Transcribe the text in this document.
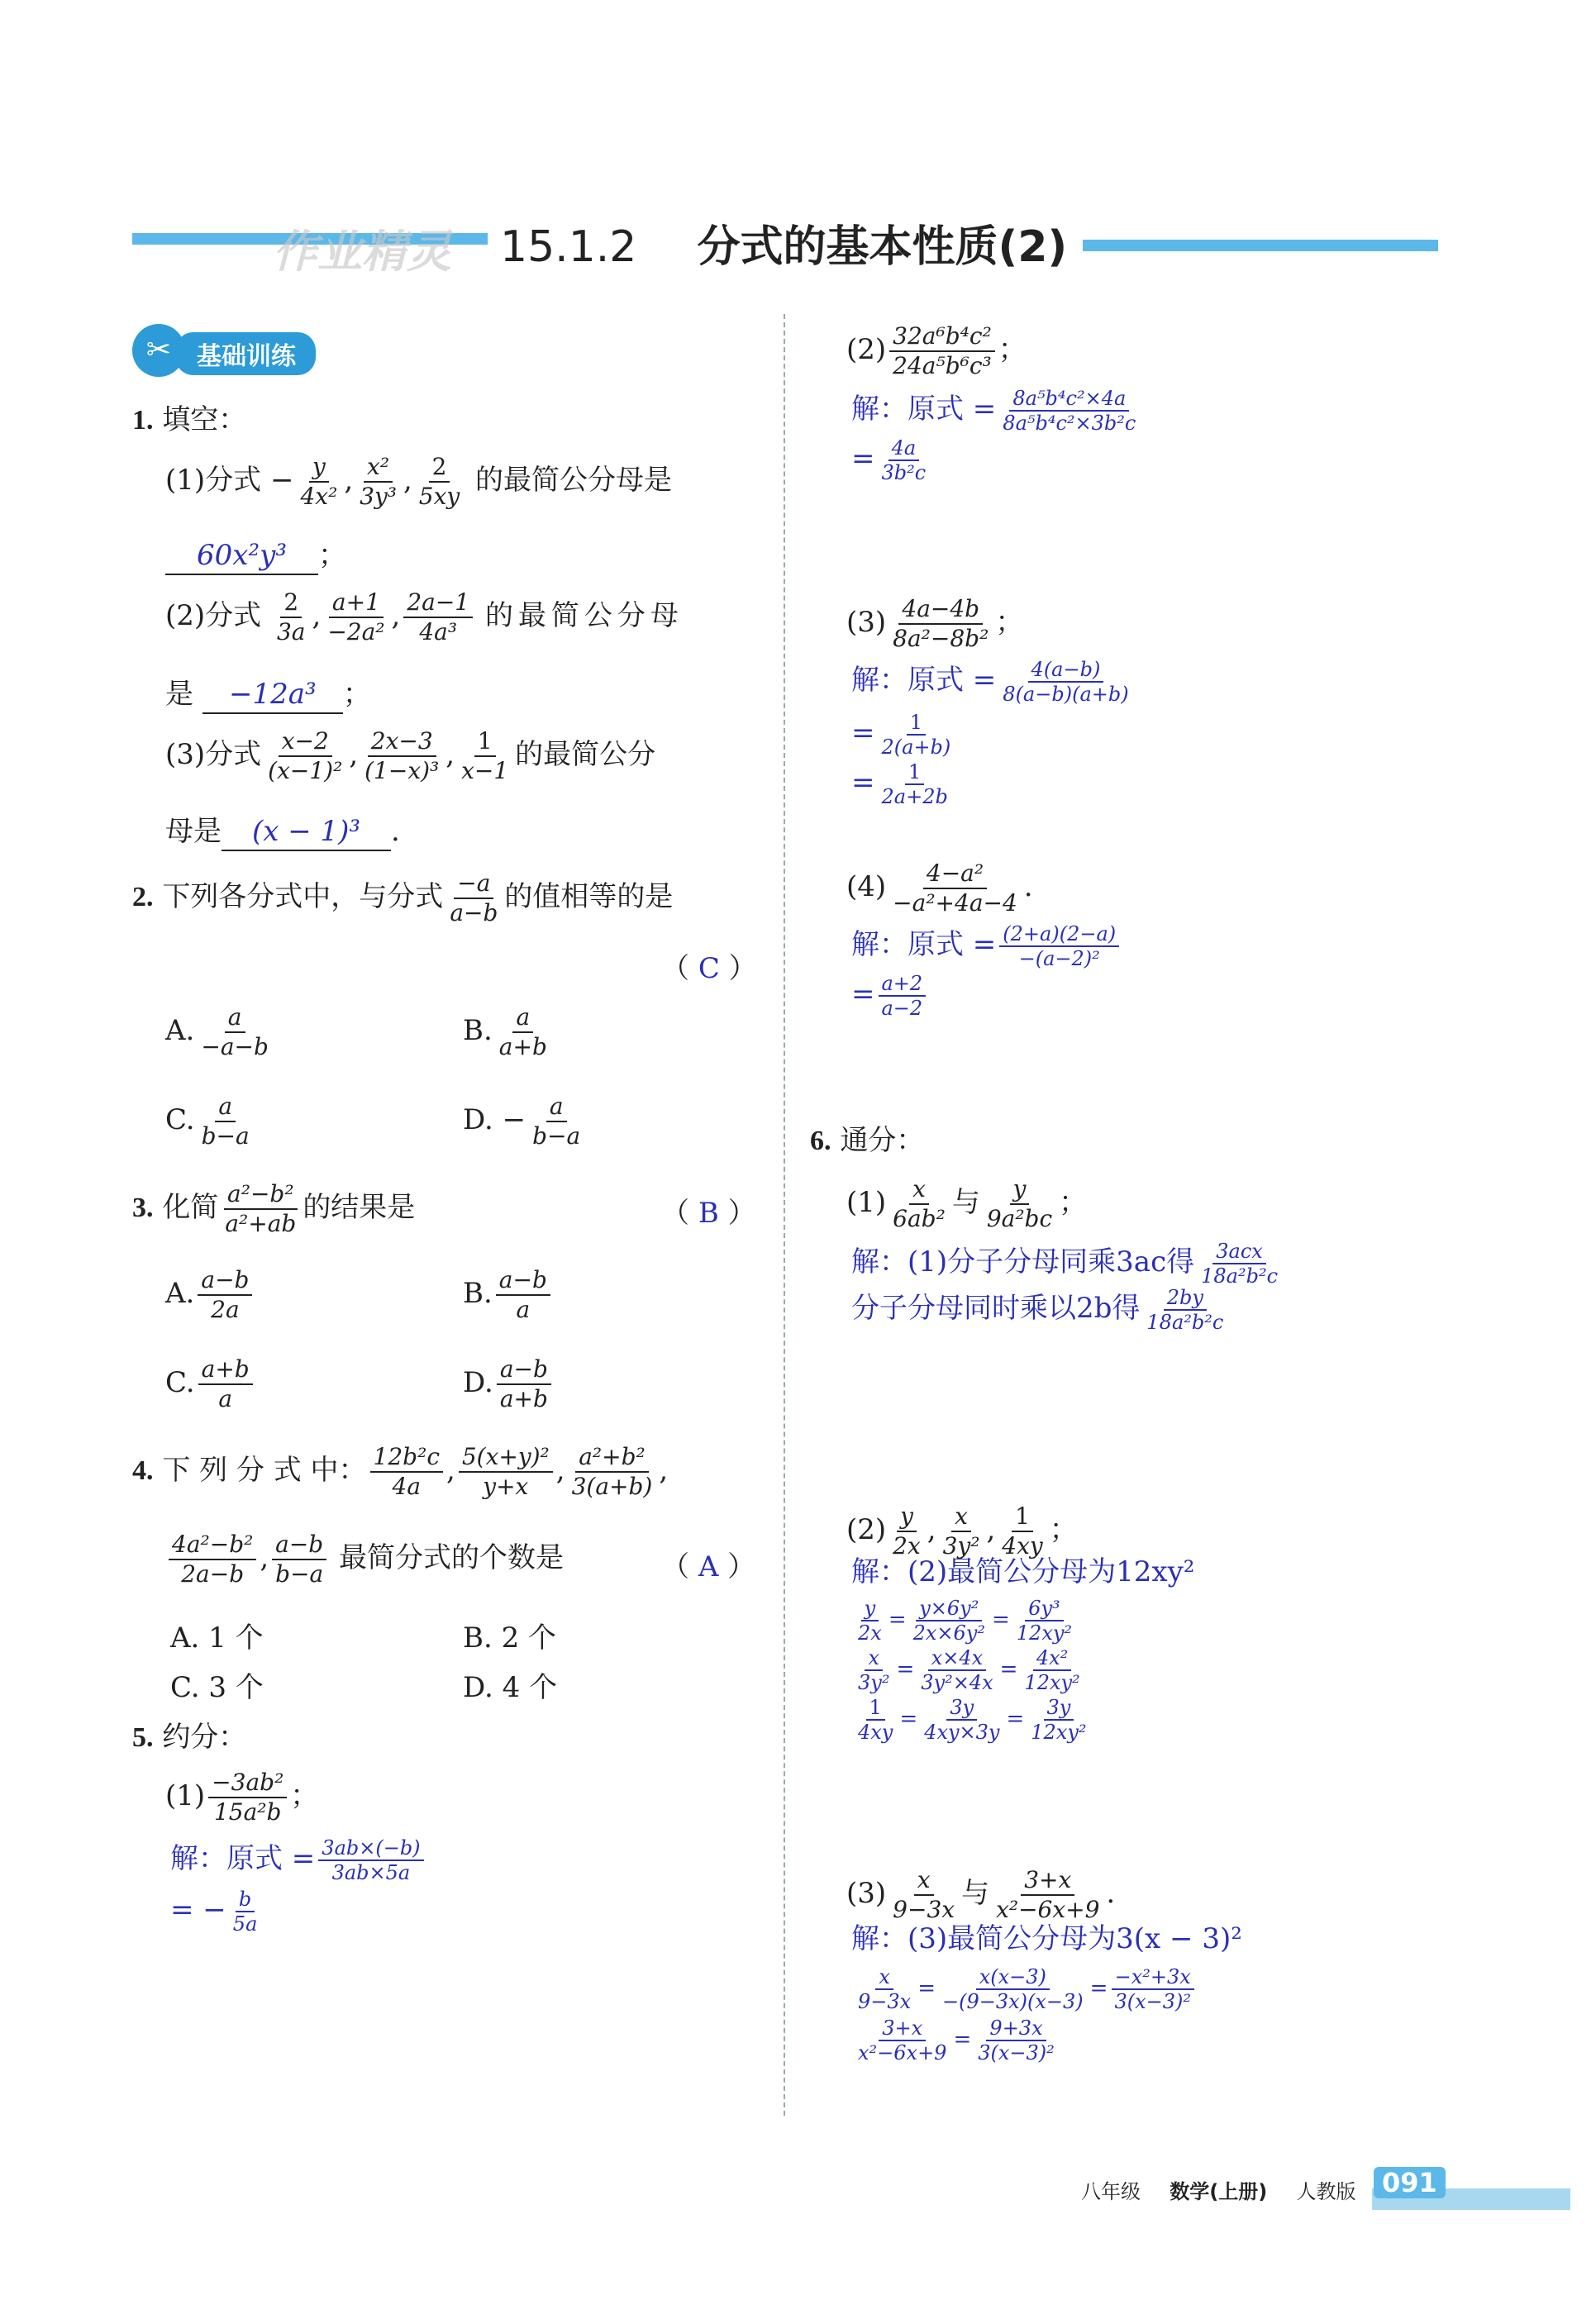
作业精灵 15.1.2 分式的基本性质(2)
✂	基础训练
1. 填空：
(1)分式 − $\frac{y}{\text{4x²}}$ , $\frac{\text{x²}}{\text{3y³}}$ , $\frac{2}{5xy}$ 的最简公分母是
60x²y³ ；
(2)分式 $\frac{2}{3a}$ , $\frac{a+1}{\text{−2a²}}$ , $\frac{2a-1}{\text{4a³}}$ 的最简公分母
是 −12a³ ；
(3)分式 $\frac{x-2}{\text{(x−1)²}}$ , $\frac{2x-3}{\text{(1−x)³}}$ , $\frac{1}{x-1}$ 的最简公分
母是 (x − 1)³ .
2. 下列各分式中，与分式 $\frac{-a}{a-b}$ 的值相等的是
（ C ）
A. $\frac{a}{-a-b}$	B. $\frac{a}{a+b}$
C. $\frac{a}{b-a}$	D. − $\frac{a}{b-a}$
3. 化简 $\frac{\text{a²−b²}}{\text{a²+ab}}$ 的结果是	（ B ）
A. $\frac{a-b}{2a}$	B. $\frac{a-b}{a}$
C. $\frac{a+b}{a}$	D. $\frac{a-b}{a+b}$
4. 下 列 分 式 中： $\frac{\text{12b²c}}{4a}$ , $\frac{\text{5(x+y)²}}{y+x}$ , $\frac{\text{a²+b²}}{3(a+b)}$ ,
$\frac{\text{4a²−b²}}{2a-b}$ , $\frac{a-b}{b-a}$ 最简分式的个数是	（ A ）
A. 1 个	B. 2 个
C. 3 个	D. 4 个
5. 约分：
$(1) \frac{\text{−3ab²}}{\text{15a²b}}$ ；
解：原式 = $\frac{3ab\times(-b)}{3ab\times 5a}$
= − $\frac{b}{5a}$
$(2) \frac{\text{32a⁶b⁴c²}}{\text{24a⁵b⁶c³}}$ ；
解：原式 = $\frac{\text{8a⁵b⁴c²×4a}}{\text{8a⁵b⁴c²×3b²c}}$
= $\frac{4a}{\text{3b²c}}$
$(3) \frac{4a-4b}{\text{8a²−8b²}}$ ；
解：原式 = $\frac{4(a-b)}{8(a-b)(a+b)}$
= $\frac{1}{2(a+b)}$
= $\frac{1}{2a+2b}$
$(4) \frac{\text{4−a²}}{\text{−a²+4a−4}}$ .
解：原式 = $\frac{(2+a)(2-a)}{\text{−(a−2)²}}$
= $\frac{a+2}{a-2}$
6. 通分：
$(1) \frac{x}{\text{6ab²}}$ 与 $\frac{y}{\text{9a²bc}}$ ；
解：(1)分子分母同乘3ac得 $\frac{\text{3acx}}{\text{18a²b²c}}$
分子分母同时乘以2b得 $\frac{2by}{\text{18a²b²c}}$
$(2) \frac{y}{2x}$ , $\frac{x}{\text{3y²}}$ , $\frac{1}{4xy}$ ；
解：(2)最简公分母为12xy²
$\frac{y}{2x} = \frac{\text{y×6y²}}{\text{2x×6y²}} = \frac{\text{6y³}}{\text{12xy²}}$
$\frac{x}{\text{3y²}} = \frac{x\times 4x}{\text{3y²×4x}} = \frac{\text{4x²}}{\text{12xy²}}$
$\frac{1}{4xy} = \frac{3y}{4xy\times 3y} = \frac{3y}{\text{12xy²}}$
$(3) \frac{x}{9-3x}$ 与 $\frac{3+x}{\text{x²−6x+9}}$ .
解：(3)最简公分母为3(x − 3)²
$\frac{x}{9-3x} = \frac{x(x-3)}{-(9-3x)(x-3)} = \frac{\text{−x²+3x}}{\text{3(x−3)²}}$
$\frac{3+x}{\text{x²−6x+9}} = \frac{9+3x}{\text{3(x−3)²}}$
八年级 数学(上册) 人教版 091
